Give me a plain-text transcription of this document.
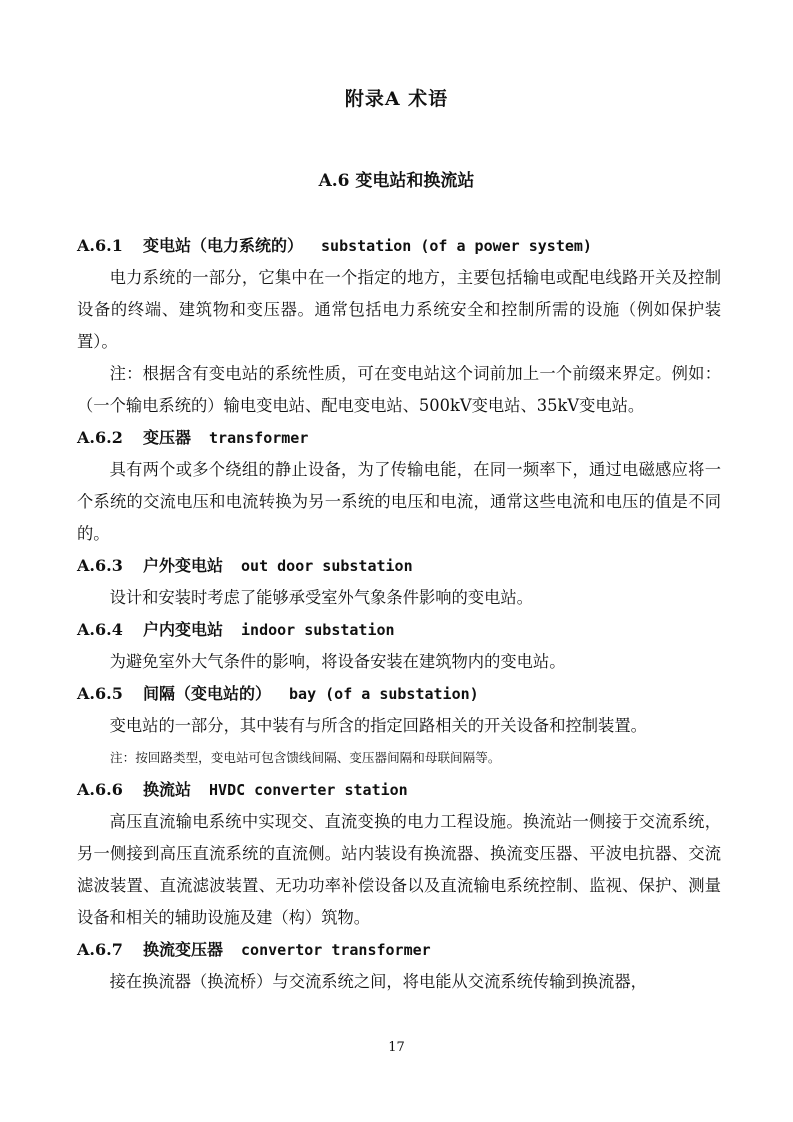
附录A 术语
A.6 变电站和换流站
A.6.1 变电站（电力系统的） substation (of a power system)

电力系统的一部分，它集中在一个指定的地方，主要包括输电或配电线路开关及控制设备的终端、建筑物和变压器。通常包括电力系统安全和控制所需的设施（例如保护装置）。

注：根据含有变电站的系统性质，可在变电站这个词前加上一个前缀来界定。例如：（一个输电系统的）输电变电站、配电变电站、500kV变电站、35kV变电站。

A.6.2 变压器 transformer

具有两个或多个绕组的静止设备，为了传输电能，在同一频率下，通过电磁感应将一个系统的交流电压和电流转换为另一系统的电压和电流，通常这些电流和电压的值是不同的。

A.6.3 户外变电站 out door substation

设计和安装时考虑了能够承受室外气象条件影响的变电站。

A.6.4 户内变电站 indoor substation

为避免室外大气条件的影响，将设备安装在建筑物内的变电站。

A.6.5 间隔（变电站的） bay (of a substation)

变电站的一部分，其中装有与所含的指定回路相关的开关设备和控制装置。

注：按回路类型，变电站可包含馈线间隔、变压器间隔和母联间隔等。

A.6.6 换流站 HVDC converter station

高压直流输电系统中实现交、直流变换的电力工程设施。换流站一侧接于交流系统，另一侧接到高压直流系统的直流侧。站内装设有换流器、换流变压器、平波电抗器、交流滤波装置、直流滤波装置、无功功率补偿设备以及直流输电系统控制、监视、保护、测量设备和相关的辅助设施及建（构）筑物。

A.6.7 换流变压器 convertor transformer

接在换流器（换流桥）与交流系统之间，将电能从交流系统传输到换流器，

17
